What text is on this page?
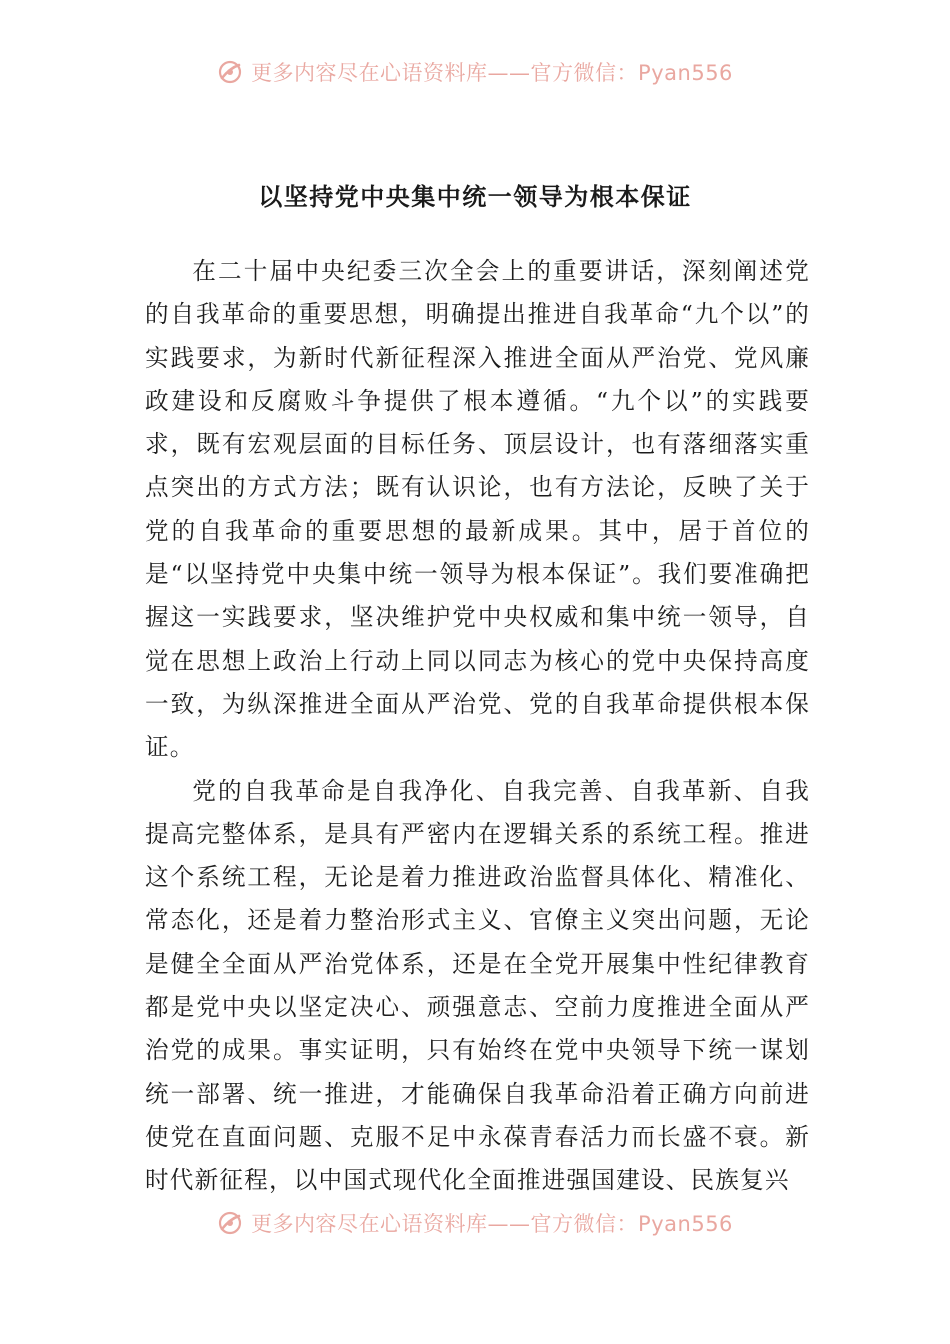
更多内容尽在心语资料库——官方微信：Pyan556
以坚持党中央集中统一领导为根本保证

在二十届中央纪委三次全会上的重要讲话，深刻阐述党的自我革命的重要思想，明确提出推进自我革命“九个以”的实践要求，为新时代新征程深入推进全面从严治党、党风廉政建设和反腐败斗争提供了根本遵循。“九个以”的实践要求，既有宏观层面的目标任务、顶层设计，也有落细落实重点突出的方式方法；既有认识论，也有方法论，反映了关于党的自我革命的重要思想的最新成果。其中，居于首位的是“以坚持党中央集中统一领导为根本保证”。我们要准确把握这一实践要求，坚决维护党中央权威和集中统一领导，自觉在思想上政治上行动上同以同志为核心的党中央保持高度一致，为纵深推进全面从严治党、党的自我革命提供根本保证。

党的自我革命是自我净化、自我完善、自我革新、自我提高完整体系，是具有严密内在逻辑关系的系统工程。推进这个系统工程，无论是着力推进政治监督具体化、精准化、常态化，还是着力整治形式主义、官僚主义突出问题，无论是健全全面从严治党体系，还是在全党开展集中性纪律教育都是党中央以坚定决心、顽强意志、空前力度推进全面从严治党的成果。事实证明，只有始终在党中央领导下统一谋划统一部署、统一推进，才能确保自我革命沿着正确方向前进使党在直面问题、克服不足中永葆青春活力而长盛不衰。新时代新征程，以中国式现代化全面推进强国建设、民族复兴

更多内容尽在心语资料库——官方微信：Pyan556
